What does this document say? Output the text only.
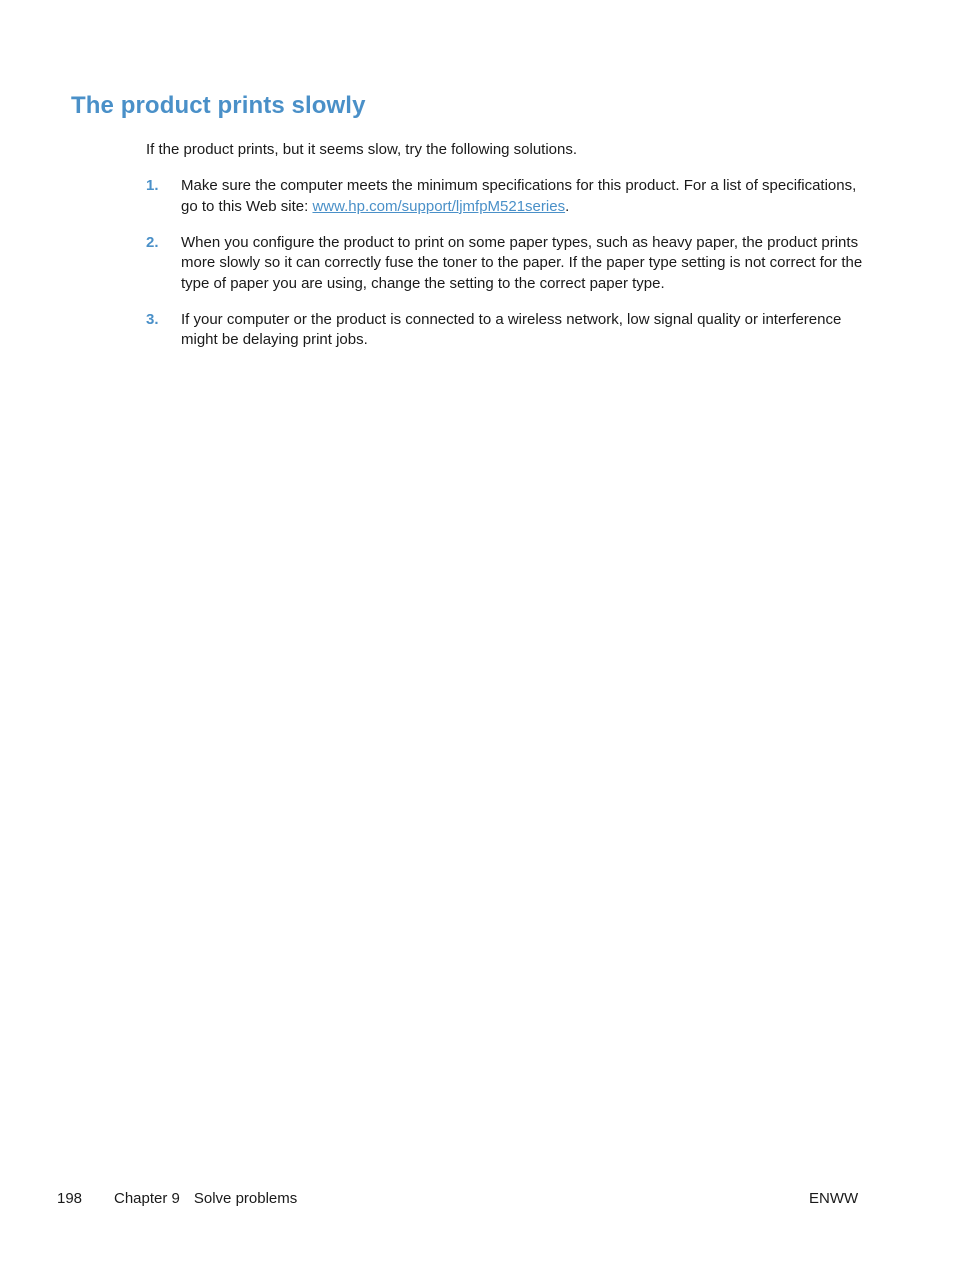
The product prints slowly

If the product prints, but it seems slow, try the following solutions.

1. Make sure the computer meets the minimum specifications for this product. For a list of specifications, go to this Web site: www.hp.com/support/ljmfpM521series.
2. When you configure the product to print on some paper types, such as heavy paper, the product prints more slowly so it can correctly fuse the toner to the paper. If the paper type setting is not correct for the type of paper you are using, change the setting to the correct paper type.
3. If your computer or the product is connected to a wireless network, low signal quality or interference might be delaying print jobs.
198 Chapter 9 Solve problems	ENWW
